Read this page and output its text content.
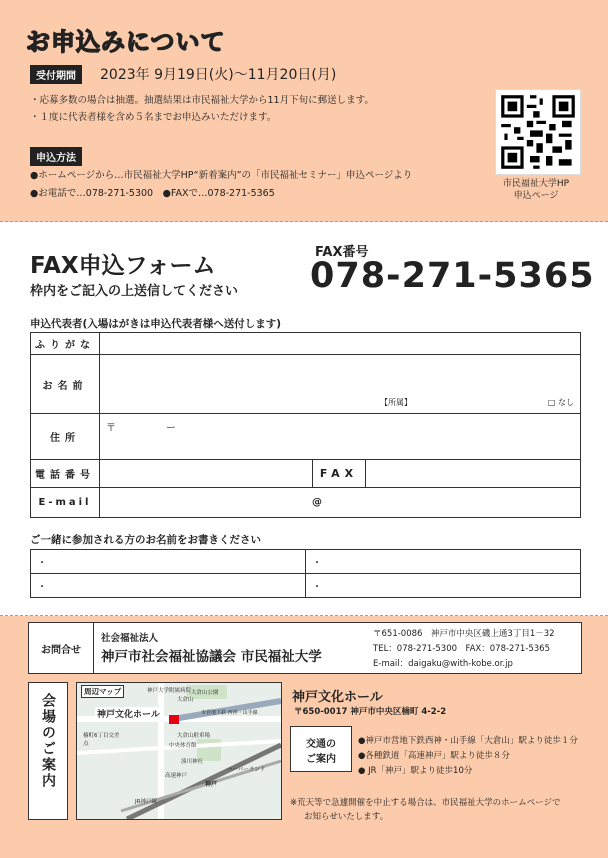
お申込みについて
受付期間	2023年 9月19日(火)〜11月20日(月)
・応募多数の場合は抽選。抽選結果は市民福祉大学から11月下旬に郵送します。
・１度に代表者様を含め５名までお申込みいただけます。
申込方法
●ホームページから…市民福祉大学HP“新着案内”の「市民福祉セミナー」申込ページより
●お電話で…078-271-5300　●FAXで…078-271-5365
市民福祉大学HP
申込ページ
FAX申込フォーム
枠内をご記入の上送信してください
FAX番号
078-271-5365
申込代表者(入場はがきは申込代表者様へ送付します)
ふりがな			
お名前	【所属】 □ なし		

住所	〒　　　　　ー		
電話番号		FAX	
E-mail	@		
ご一緒に参加される方のお名前をお書きください
・	・
・	・
お問合せ
社会福祉法人
神戸市社会福祉協議会 市民福祉大学
〒651-0086　神戸市中央区磯上通3丁目1－32
TEL：078-271-5300　FAX：078-271-5365
E-mail：daigaku@with-kobe.or.jp
会場のご案内
周辺マップ
神戸文化ホール
神戸大学附属病院 大倉山公園
大倉山駐車場
中央体育館
湊川神社
高速神戸
神戸
JR神戸線
ハーバーランド
市営地下鉄 西神・山手線
大倉山
楠町6丁目交差点
神戸文化ホール
〒650-0017 神戸市中央区楠町 4-2-2
交通の
ご案内
●神戸市営地下鉄西神・山手線「大倉山」駅より徒歩１分
●各種鉄道「高速神戸」駅より徒歩８分
● JR「神戸」駅より徒歩10分
※荒天等で急遽開催を中止する場合は、市民福祉大学のホームページで
お知らせいたします。
